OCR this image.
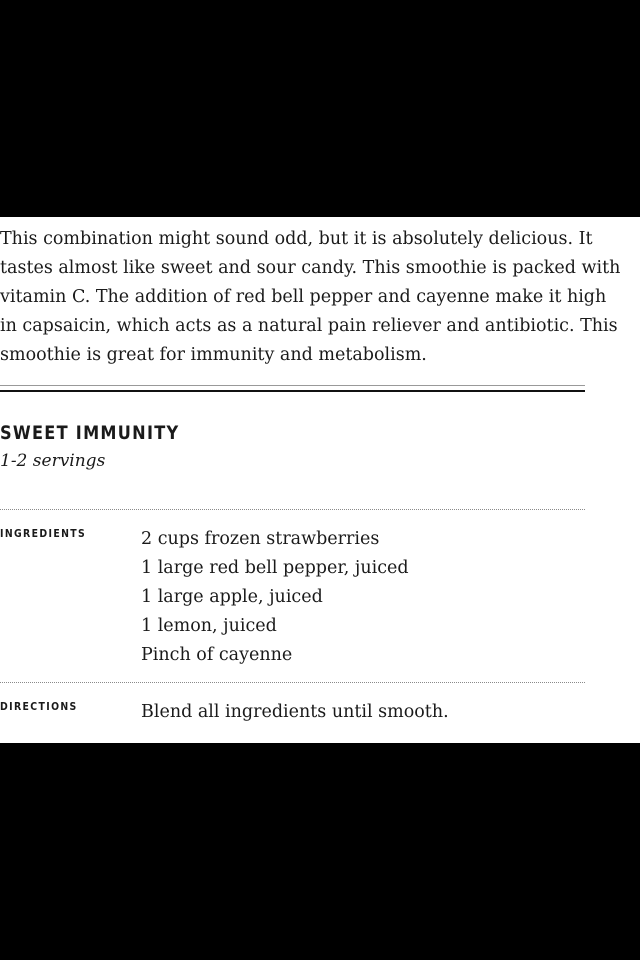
This combination might sound odd, but it is absolutely delicious. It
tastes almost like sweet and sour candy. This smoothie is packed with
vitamin C. The addition of red bell pepper and cayenne make it high
in capsaicin, which acts as a natural pain reliever and antibiotic. This
smoothie is great for immunity and metabolism.

SWEET IMMUNITY
1-2 servings
INGREDIENTS	2 cups frozen strawberries
1 large red bell pepper, juiced
1 large apple, juiced
1 lemon, juiced
Pinch of cayenne
DIRECTIONS	Blend all ingredients until smooth.
